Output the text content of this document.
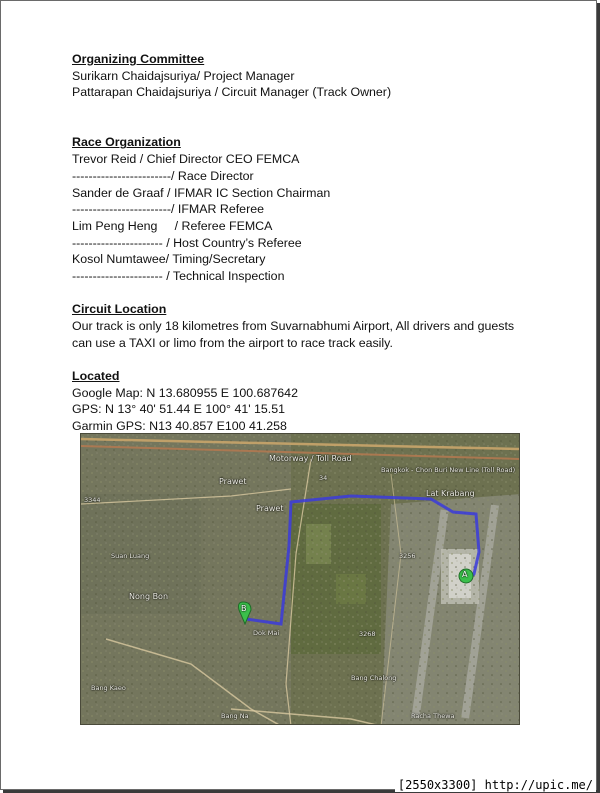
Organizing Committee
Surikarn Chaidajsuriya/ Project Manager
Pattarapan Chaidajsuriya / Circuit Manager (Track Owner)
Race Organization
Trevor Reid / Chief Director CEO FEMCA
------------------------/ Race Director
Sander de Graaf / IFMAR IC Section Chairman
------------------------/ IFMAR Referee
Lim Peng Heng     / Referee FEMCA
---------------------- / Host Country’s Referee
Kosol Numtawee/ Timing/Secretary
---------------------- / Technical Inspection
Circuit Location
Our track is only 18 kilometres from Suvarnabhumi Airport, All drivers and guests
can use a TAXI or limo from the airport to race track easily.
Located
Google Map: N 13.680955 E 100.687642
GPS: N 13° 40' 51.44 E 100° 41' 15.51
Garmin GPS: N13 40.857 E100 41.258
Motorway / Toll Road
Bangkok - Chon Buri New Line (Toll Road)
Prawet
Prawet
Lat Krabang
Nong Bon
Suan Luang
Dok Mai
Bang Chalong
Racha Thewa
Bang Kaeo
Bang Na
3344
3256
3268
34
A
B
[2550x3300] http://upic.me/
